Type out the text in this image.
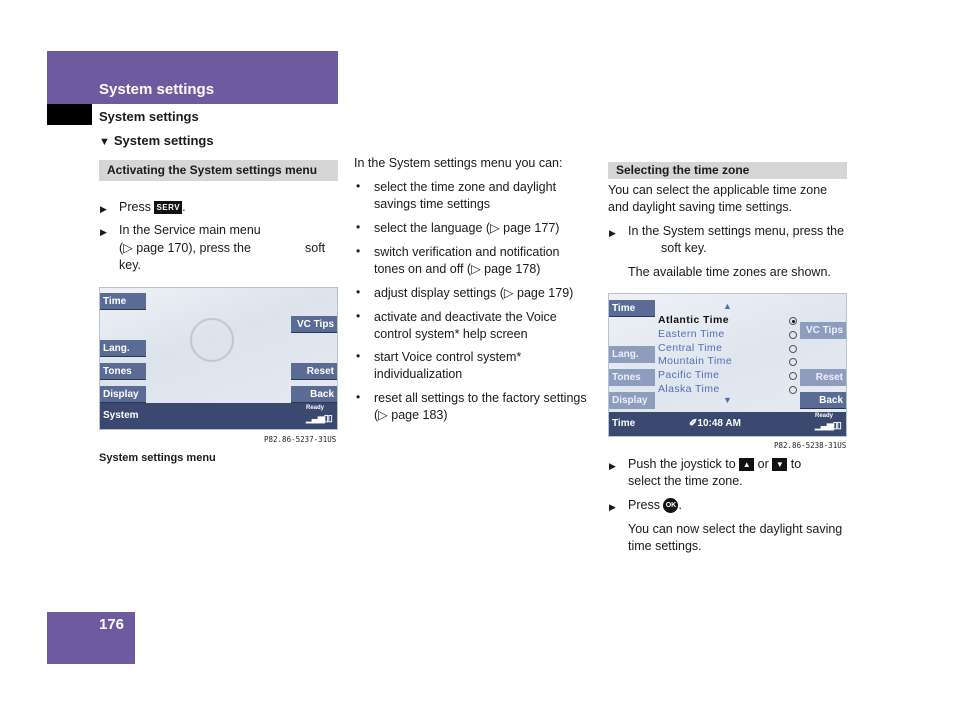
System settings
System settings
▼ System settings
Activating the System settings menu
▶ Press SERV .
▶ In the Service main menu
(▷ page 170), press the	soft
key.
Time
VC Tips
Lang.
Tones	Reset
Display	Back
System
Ready
▁▃▅▯▯
P82.86-5237-31US
System settings menu
In the System settings menu you can:
• select the time zone and daylight
savings time settings
• select the language (▷ page 177)
• switch verification and notification
tones on and off (▷ page 178)
• adjust display settings (▷ page 179)
• activate and deactivate the Voice
control system* help screen
• start Voice control system*
individualization
• reset all settings to the factory settings
(▷ page 183)
Selecting the time zone
You can select the applicable time zone
and daylight saving time settings.
▶ In the System settings menu, press the
soft key.
The available time zones are shown.
Time
Lang.
Tones
Display
VC Tips
Reset
Back
▲
▼
Atlantic Time
Eastern Time
Central Time
Mountain Time
Pacific Time
Alaska Time
Time	✐10:48 AM
Ready
▁▃▅▯▯
P82.86-5238-31US
▶ Push the joystick to ▲ or ▼ to
select the time zone.
▶ Press OK .
You can now select the daylight saving
time settings.
176
